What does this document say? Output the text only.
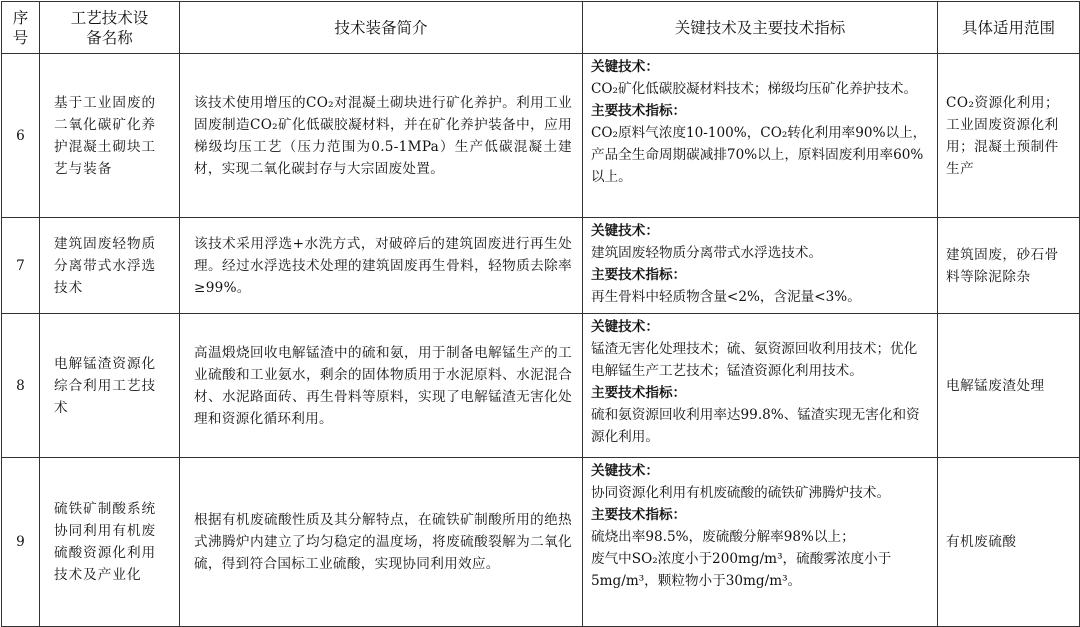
序号	工艺技术设备名称	技术装备简介	关键技术及主要技术指标	具体适用范围
6	基于工业固废的二氧化碳矿化养护混凝土砌块工艺与装备	该技术使用增压的CO₂对混凝土砌块进行矿化养护。利用工业固废制造CO₂矿化低碳胶凝材料，并在矿化养护装备中，应用梯级均压工艺（压力范围为0.5-1MPa）生产低碳混凝土建材，实现二氧化碳封存与大宗固废处置。	关键技术：
CO₂矿化低碳胶凝材料技术；梯级均压矿化养护技术。
主要技术指标：
CO₂原料气浓度10-100%，CO₂转化利用率90%以上，产品全生命周期碳减排70%以上，原料固废利用率60%以上。	CO₂资源化利用；工业固废资源化利用；混凝土预制件生产
7	建筑固废轻物质分离带式水浮选技术	该技术采用浮选+水洗方式，对破碎后的建筑固废进行再生处理。经过水浮选技术处理的建筑固废再生骨料，轻物质去除率≥99%。	关键技术：
建筑固废轻物质分离带式水浮选技术。
主要技术指标：
再生骨料中轻质物含量<2%，含泥量<3%。	建筑固废，砂石骨料等除泥除杂
8	电解锰渣资源化综合利用工艺技术	高温煅烧回收电解锰渣中的硫和氨，用于制备电解锰生产的工业硫酸和工业氨水，剩余的固体物质用于水泥原料、水泥混合材、水泥路面砖、再生骨料等原料，实现了电解锰渣无害化处理和资源化循环利用。	关键技术：
锰渣无害化处理技术；硫、氨资源回收利用技术；优化电解锰生产工艺技术；锰渣资源化利用技术。
主要技术指标：
硫和氨资源回收利用率达99.8%、锰渣实现无害化和资源化利用。	电解锰废渣处理
9	硫铁矿制酸系统协同利用有机废硫酸资源化利用技术及产业化	根据有机废硫酸性质及其分解特点，在硫铁矿制酸所用的绝热式沸腾炉内建立了均匀稳定的温度场，将废硫酸裂解为二氧化硫，得到符合国标工业硫酸，实现协同利用效应。	关键技术：
协同资源化利用有机废硫酸的硫铁矿沸腾炉技术。
主要技术指标：
硫烧出率98.5%，废硫酸分解率98%以上；
废气中SO₂浓度小于200mg/m³，硫酸雾浓度小于5mg/m³，颗粒物小于30mg/m³。	有机废硫酸
